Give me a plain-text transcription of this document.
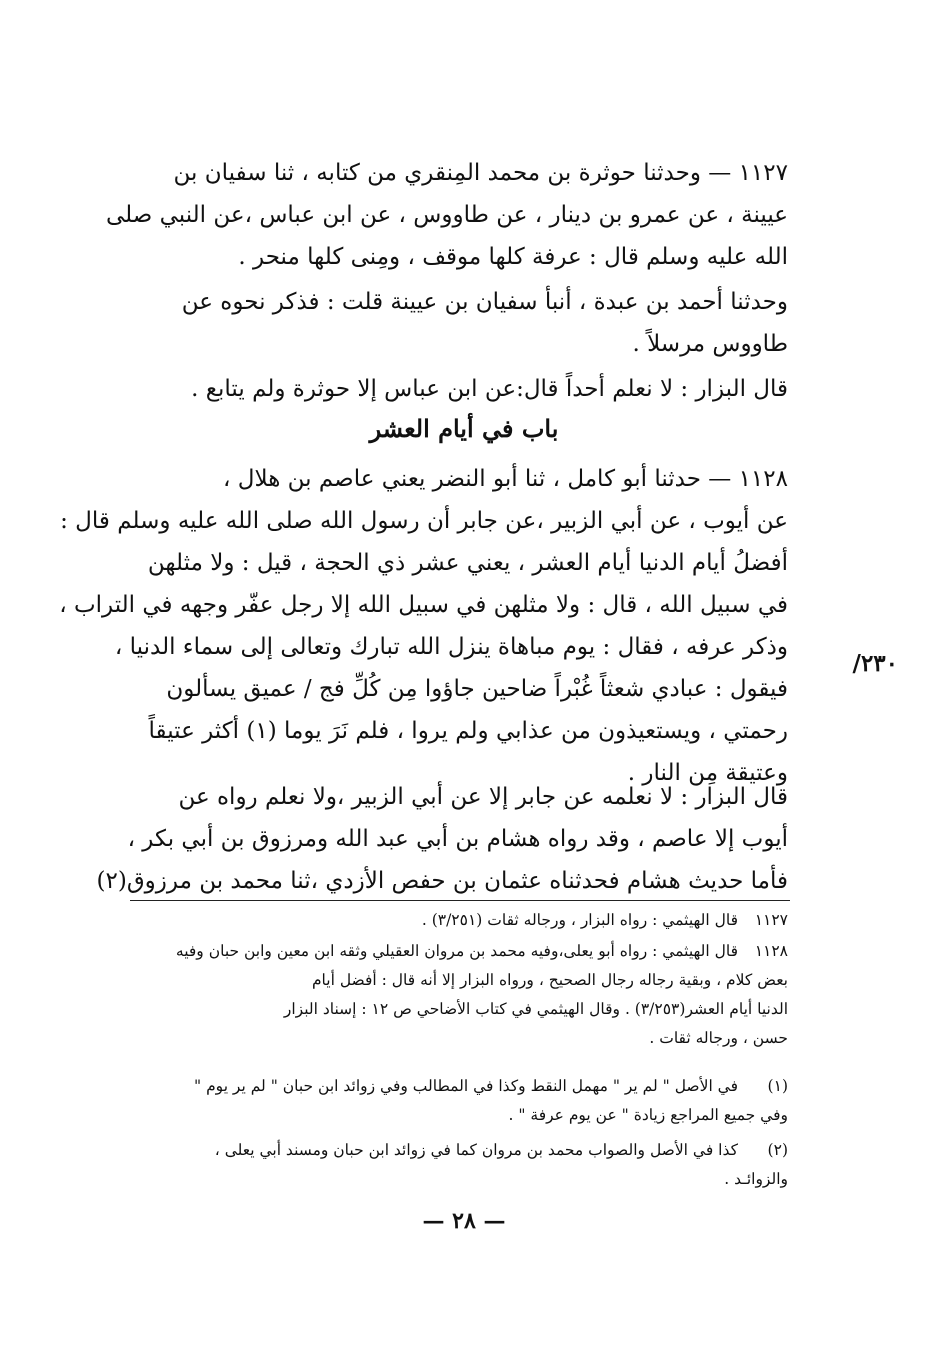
١١٢٧ — وحدثنا حوثرة بن محمد المِنقري من كتابه ، ثنا سفيان بن
عيينة ، عن عمرو بن دينار ، عن طاووس ، عن ابن عباس ،عن النبي صلى
الله عليه وسلم قال : عرفة كلها موقف ، ومِنى كلها منحر .
وحدثنا أحمد بن عبدة ، أنبأ سفيان بن عيينة قلت : فذكر نحوه عن
طاووس مرسلاً .
قال البزار : لا نعلم أحداً قال:عن ابن عباس إلا حوثرة ولم يتابع .
باب في أيام العشر
١١٢٨ — حدثنا أبو كامل ، ثنا أبو النضر يعني عاصم بن هلال ،
عن أيوب ، عن أبي الزبير ،عن جابر أن رسول الله صلى الله عليه وسلم قال :
أفضلُ أيام الدنيا أيام العشر ، يعني عشر ذي الحجة ، قيل : ولا مثلهن
في سبيل الله ، قال : ولا مثلهن في سبيل الله إلا رجل عفّر وجهه في التراب ،
وذكر عرفه ، فقال : يوم مباهاة ينزل الله تبارك وتعالى إلى سماء الدنيا ،
فيقول : عبادي شعثاً غُبْراً ضاحين جاؤوا مِن كُلِّ فج / عميق يسألون
رحمتي ، ويستعيذون من عذابي ولم يروا ، فلم نَرَ يوما (١) أكثر عتيقاً
وعتيقة مِن النار .
٢٣٠/
قال البزار : لا نعلمه عن جابر إلا عن أبي الزبير ،ولا نعلم رواه عن
أيوب إلا عاصم ، وقد رواه هشام بن أبي عبد الله ومرزوق بن أبي بكر ،
فأما حديث هشام فحدثناه عثمان بن حفص الأزدي ،ثنا محمد بن مرزوق(٢)
١١٢٧قال الهيثمي : رواه البزار ، ورجاله ثقات (٣/٢٥١) .
١١٢٨قال الهيثمي : رواه أبو يعلى،وفيه محمد بن مروان العقيلي وثقه ابن معين وابن حبان وفيه
بعض كلام ، وبقية رجاله رجال الصحيح ، ورواه البزار إلا أنه قال : أفضل أيام
الدنيا أيام العشر(٣/٢٥٣) . وقال الهيثمي في كتاب الأضاحي ص ١٢ : إسناد البزار
حسن ، ورجاله ثقات .
(١)في الأصل " لم ير " مهمل النقط وكذا في المطالب وفي زوائد ابن حبان " لم ير يوم "
وفي جميع المراجع زيادة " عن يوم عرفة " .
(٢)كذا في الأصل والصواب محمد بن مروان كما في زوائد ابن حبان ومسند أبي يعلى ،
والزوائـد .
— ٢٨ —
